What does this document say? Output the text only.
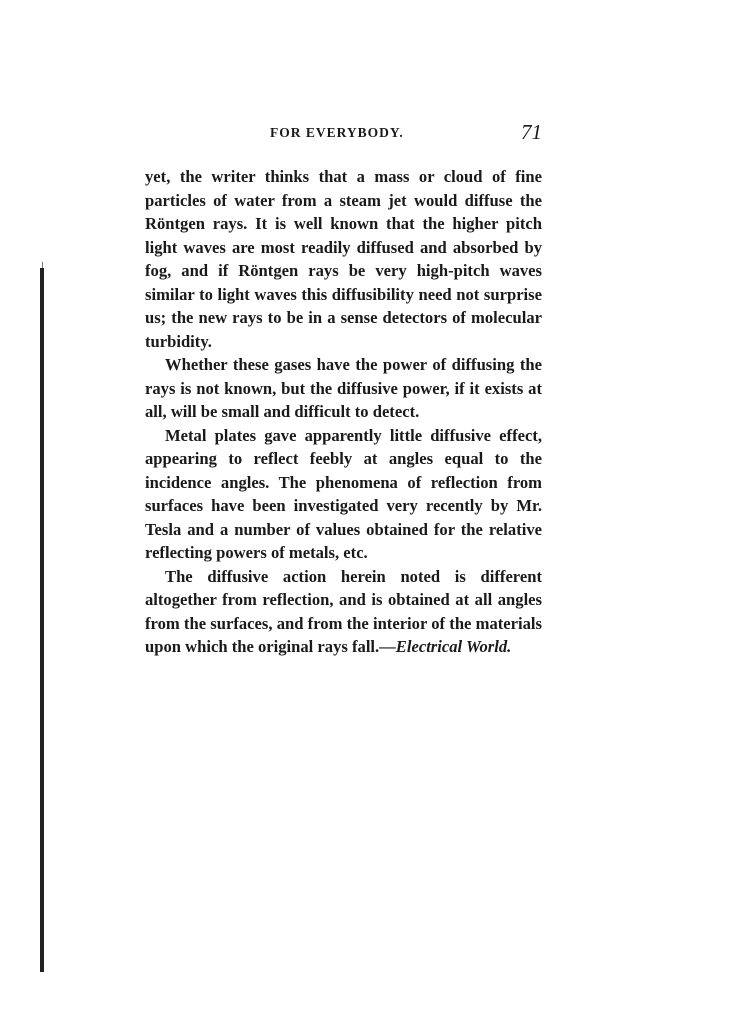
FOR EVERYBODY.	71

yet, the writer thinks that a mass or cloud of fine particles of water from a steam jet would diffuse the Röntgen rays. It is well known that the higher pitch light waves are most readily diffused and absorbed by fog, and if Röntgen rays be very high-pitch waves similar to light waves this diffusibility need not surprise us; the new rays to be in a sense detectors of molecular turbidity.

Whether these gases have the power of diffusing the rays is not known, but the diffusive power, if it exists at all, will be small and difficult to detect.

Metal plates gave apparently little diffusive effect, appearing to reflect feebly at angles equal to the incidence angles. The phenomena of reflection from surfaces have been investigated very recently by Mr. Tesla and a number of values obtained for the relative reflecting powers of metals, etc.

The diffusive action herein noted is different altogether from reflection, and is obtained at all angles from the surfaces, and from the interior of the materials upon which the original rays fall.—Electrical World.
